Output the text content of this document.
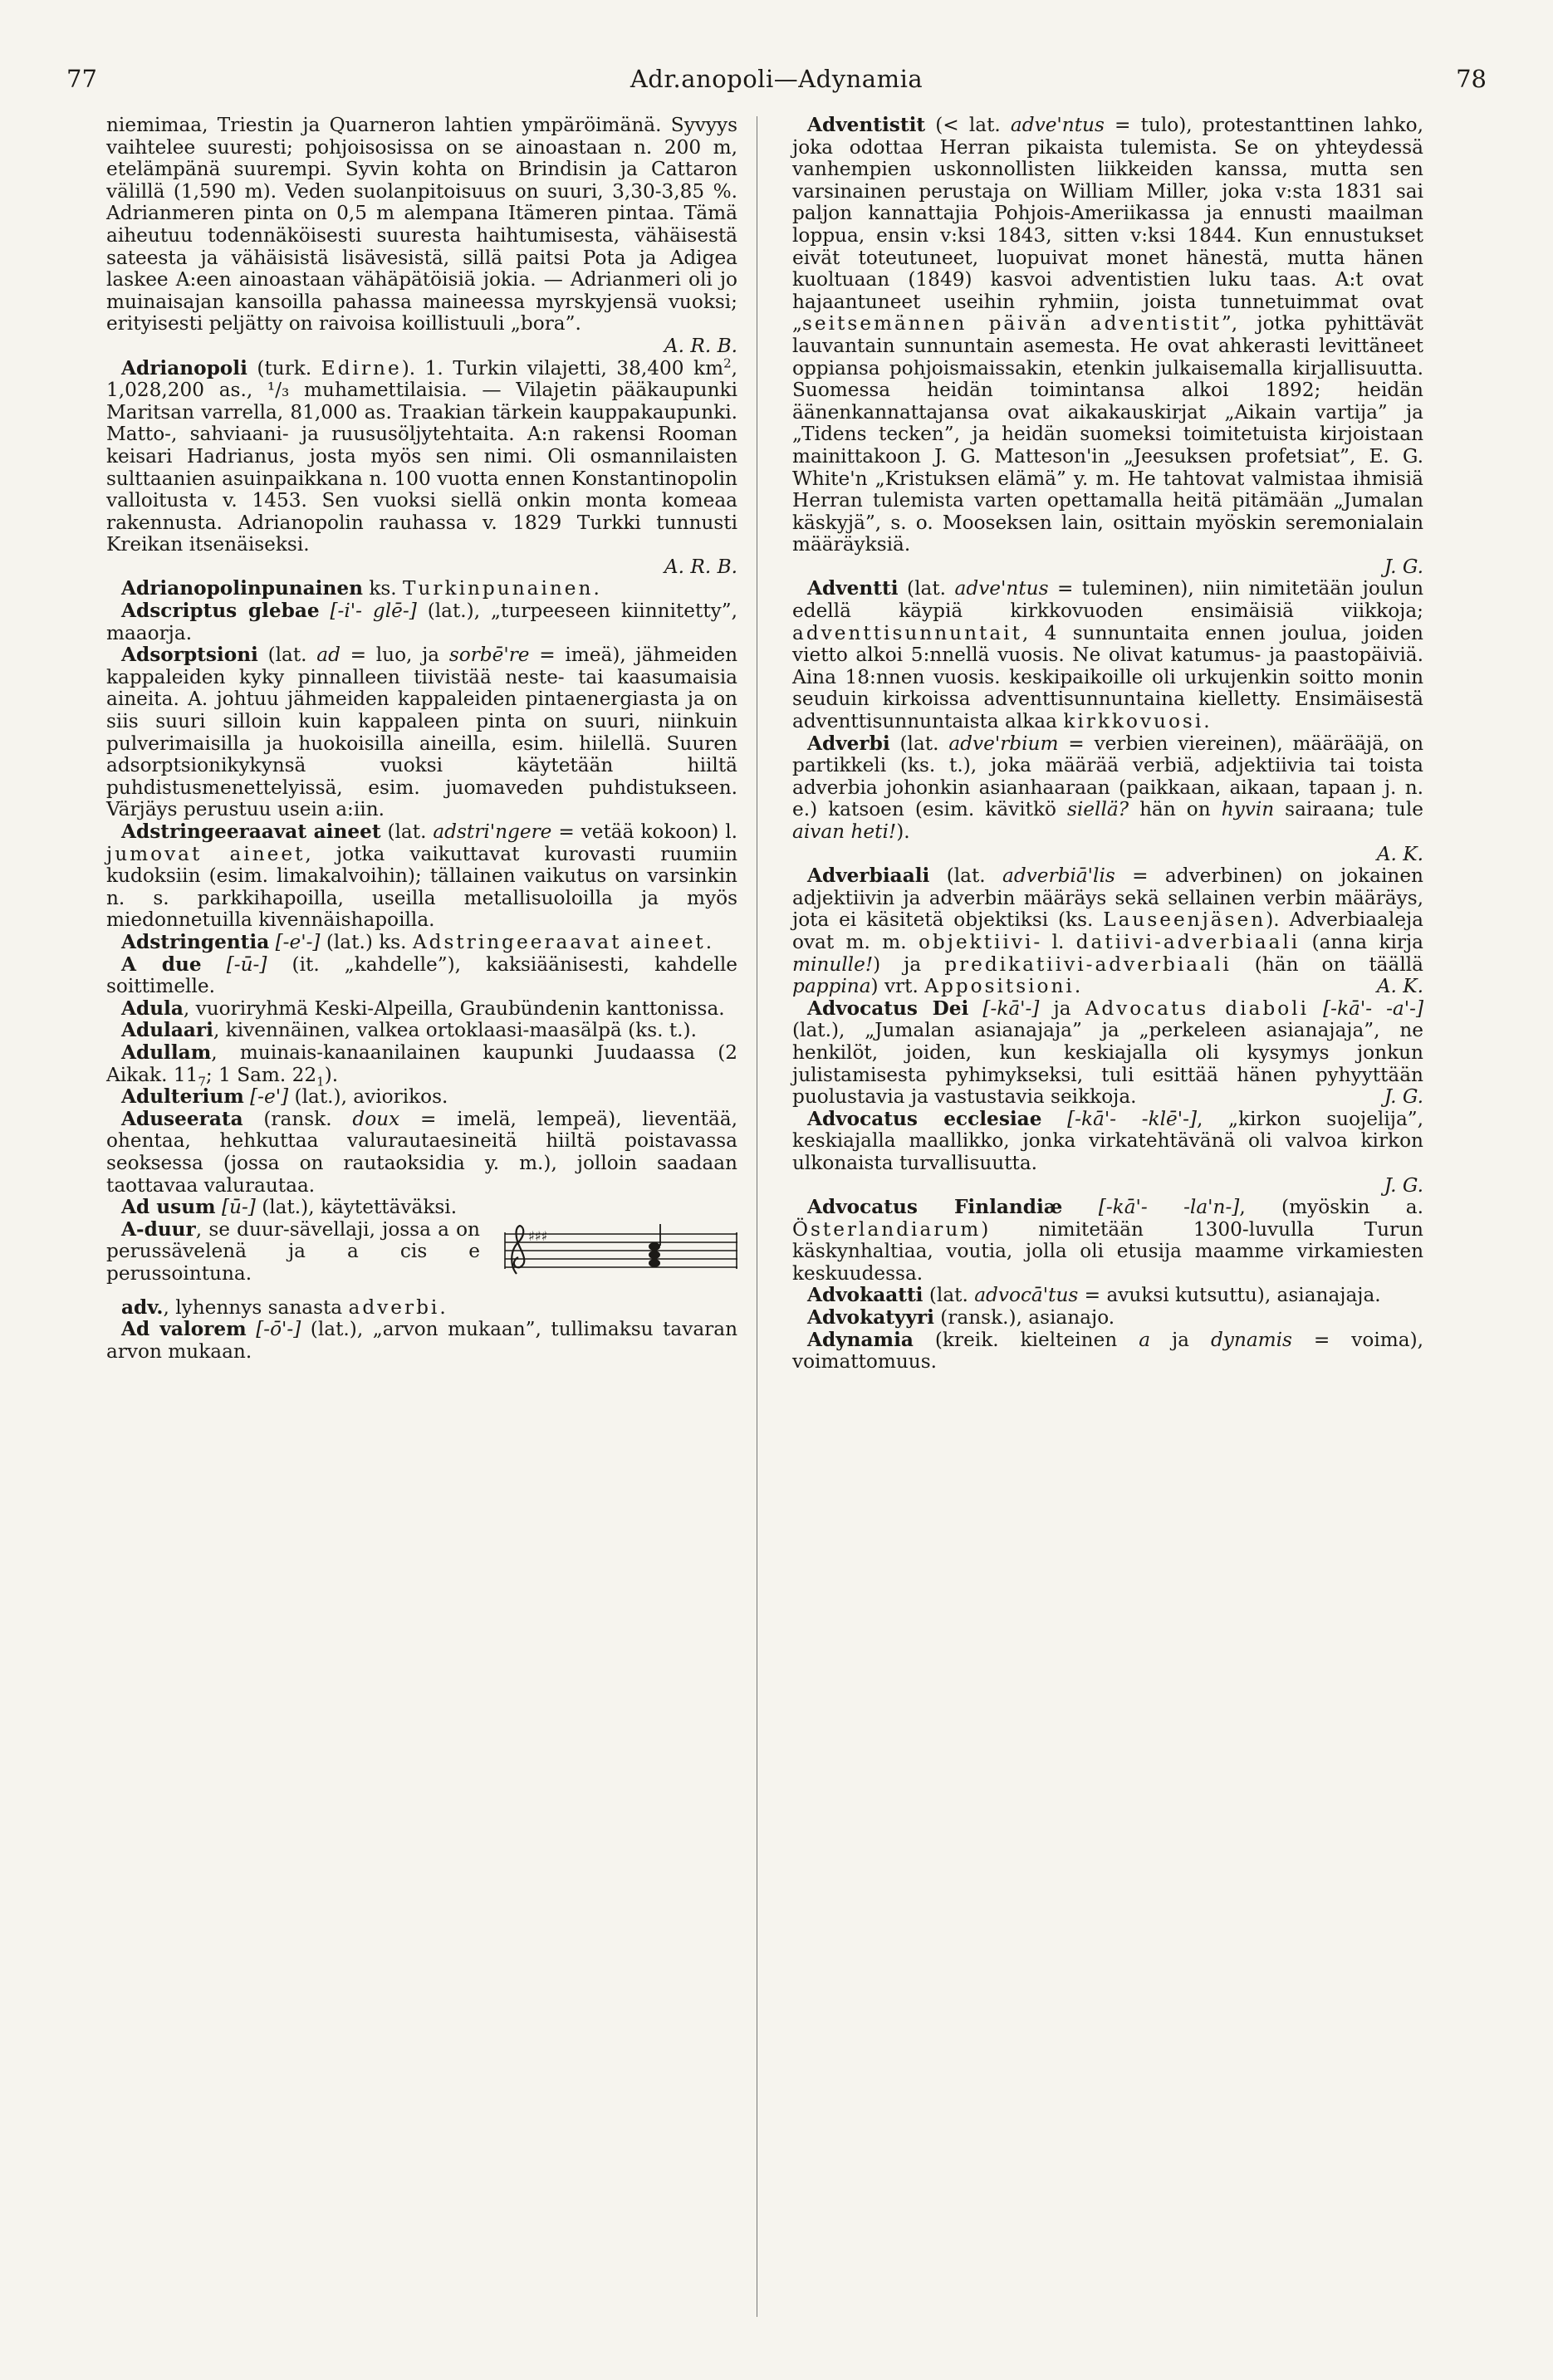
77	Adr.anopoli—Adynamia	78

niemimaa, Triestin ja Quarneron lahtien ympäröimänä. Syvyys vaihtelee suuresti; pohjoisosissa on se ainoastaan n. 200 m, etelämpänä suurempi. Syvin kohta on Brindisin ja Cattaron välillä (1,590 m). Veden suolanpitoisuus on suuri, 3,30-3,85 %. Adrianmeren pinta on 0,5 m alempana Itämeren pintaa. Tämä aiheutuu todennäköisesti suuresta haihtumisesta, vähäisestä sateesta ja vähäisistä lisävesistä, sillä paitsi Pota ja Adigea laskee A:een ainoastaan vähäpätöisiä jokia. — Adrianmeri oli jo muinaisajan kansoilla pahassa maineessa myrskyjensä vuoksi; erityisesti peljätty on raivoisa koillistuuli „bora”.
A. R. B.

Adrianopoli (turk. Edirne). 1. Turkin vilajetti, 38,400 $km^2$, 1,028,200 as., ¹/₃ muhamettilaisia. — Vilajetin pääkaupunki Maritsan varrella, 81,000 as. Traakian tärkein kauppakaupunki. Matto-, sahviaani- ja ruususöljytehtaita. A:n rakensi Rooman keisari Hadrianus, josta myös sen nimi. Oli osmannilaisten sulttaanien asuinpaikkana n. 100 vuotta ennen Konstantinopolin valloitusta v. 1453. Sen vuoksi siellä onkin monta komeaa rakennusta. Adrianopolin rauhassa v. 1829 Turkki tunnusti Kreikan itsenäiseksi.
A. R. B.

Adrianopolinpunainen ks. Turkinpunainen.

Adscriptus glebae [-i'- glē-] (lat.), „turpeeseen kiinnitetty”, maaorja.

Adsorptsioni (lat. ad = luo, ja sorbē're = imeä), jähmeiden kappaleiden kyky pinnalleen tiivistää neste- tai kaasumaisia aineita. A. johtuu jähmeiden kappaleiden pintaenergiasta ja on siis suuri silloin kuin kappaleen pinta on suuri, niinkuin pulverimaisilla ja huokoisilla aineilla, esim. hiilellä. Suuren adsorptsionikykynsä vuoksi käytetään hiiltä puhdistusmenettelyissä, esim. juomaveden puhdistukseen. Värjäys perustuu usein a:iin.

Adstringeeraavat aineet (lat. adstri'ngere = vetää kokoon) l. jumovat aineet, jotka vaikuttavat kurovasti ruumiin kudoksiin (esim. limakalvoihin); tällainen vaikutus on varsinkin n. s. parkkihapoilla, useilla metallisuoloilla ja myös miedonnetuilla kivennäishapoilla.

Adstringentia [-e'-] (lat.) ks. Adstringeeraavat aineet.

A due [-ū-] (it. „kahdelle”), kaksiäänisesti, kahdelle soittimelle.

Adula, vuoriryhmä Keski-Alpeilla, Graubündenin kanttonissa.

Adulaari, kivennäinen, valkea ortoklaasi-maasälpä (ks. t.).

Adullam, muinais-kanaanilainen kaupunki Juudaassa (2 Aikak. $11_7$; 1 Sam. $22_1$).

Adulterium [-e'] (lat.), aviorikos.

Aduseerata (ransk. doux = imelä, lempeä), lieventää, ohentaa, hehkuttaa valurautaesineitä hiiltä poistavassa seoksessa (jossa on rautaoksidia y. m.), jolloin saadaan taottavaa valurautaa.

Ad usum [ū-] (lat.), käytettäväksi.

♯♯♯
A-duur, se duur-sävellaji, jossa a on perussävelenä ja a cis e perussointuna.

adv., lyhennys sanasta adverbi.

Ad valorem [-ō'-] (lat.), „arvon mukaan”, tullimaksu tavaran arvon mukaan.

Adventistit (< lat. adve'ntus = tulo), protestanttinen lahko, joka odottaa Herran pikaista tulemista. Se on yhteydessä vanhempien uskonnollisten liikkeiden kanssa, mutta sen varsinainen perustaja on William Miller, joka v:sta 1831 sai paljon kannattajia Pohjois-Ameriikassa ja ennusti maailman loppua, ensin v:ksi 1843, sitten v:ksi 1844. Kun ennustukset eivät toteutuneet, luopuivat monet hänestä, mutta hänen kuoltuaan (1849) kasvoi adventistien luku taas. A:t ovat hajaantuneet useihin ryhmiin, joista tunnetuimmat ovat „seitsemännen päivän adventistit”, jotka pyhittävät lauvantain sunnuntain asemesta. He ovat ahkerasti levittäneet oppiansa pohjoismaissakin, etenkin julkaisemalla kirjallisuutta. Suomessa heidän toimintansa alkoi 1892; heidän äänenkannattajansa ovat aikakauskirjat „Aikain vartija” ja „Tidens tecken”, ja heidän suomeksi toimitetuista kirjoistaan mainittakoon J. G. Matteson'in „Jeesuksen profetsiat”, E. G. White'n „Kristuksen elämä” y. m. He tahtovat valmistaa ihmisiä Herran tulemista varten opettamalla heitä pitämään „Jumalan käskyjä”, s. o. Mooseksen lain, osittain myöskin seremonialain määräyksiä.
J. G.

Adventti (lat. adve'ntus = tuleminen), niin nimitetään joulun edellä käypiä kirkkovuoden ensimäisiä viikkoja; adventtisunnuntait, 4 sunnuntaita ennen joulua, joiden vietto alkoi 5:nnellä vuosis. Ne olivat katumus- ja paastopäiviä. Aina 18:nnen vuosis. keskipaikoille oli urkujenkin soitto monin seuduin kirkoissa adventtisunnuntaina kielletty. Ensimäisestä adventtisunnuntaista alkaa kirkkovuosi.

Adverbi (lat. adve'rbium = verbien viereinen), määrääjä, on partikkeli (ks. t.), joka määrää verbiä, adjektiivia tai toista adverbia johonkin asianhaaraan (paikkaan, aikaan, tapaan j. n. e.) katsoen (esim. kävitkö siellä? hän on hyvin sairaana; tule aivan heti!).
A. K.

Adverbiaali (lat. adverbiā'lis = adverbinen) on jokainen adjektiivin ja adverbin määräys sekä sellainen verbin määräys, jota ei käsitetä objektiksi (ks. Lauseenjäsen). Adverbiaaleja ovat m. m. objektiivi- l. datiivi-adverbiaali (anna kirja minulle!) ja predikatiivi-adverbiaali (hän on täällä pappina) vrt. Appositsioni.	A. K.

Advocatus Dei [-kā'-] ja Advocatus diaboli [-kā'- -a'-] (lat.), „Jumalan asianajaja” ja „perkeleen asianajaja”, ne henkilöt, joiden, kun keskiajalla oli kysymys jonkun julistamisesta pyhimykseksi, tuli esittää hänen pyhyyttään puolustavia ja vastustavia seikkoja.	J. G.

Advocatus ecclesiae [-kā'- -klē'-], „kirkon suojelija”, keskiajalla maallikko, jonka virkatehtävänä oli valvoa kirkon ulkonaista turvallisuutta.
J. G.

Advocatus Finlandiæ [-kā'- -la'n-], (myöskin a. Österlandiarum) nimitetään 1300-luvulla Turun käskynhaltiaa, voutia, jolla oli etusija maamme virkamiesten keskuudessa.

Advokaatti (lat. advocā'tus = avuksi kutsuttu), asianajaja.

Advokatyyri (ransk.), asianajo.

Adynamia (kreik. kielteinen a ja dynamis = voima), voimattomuus.
